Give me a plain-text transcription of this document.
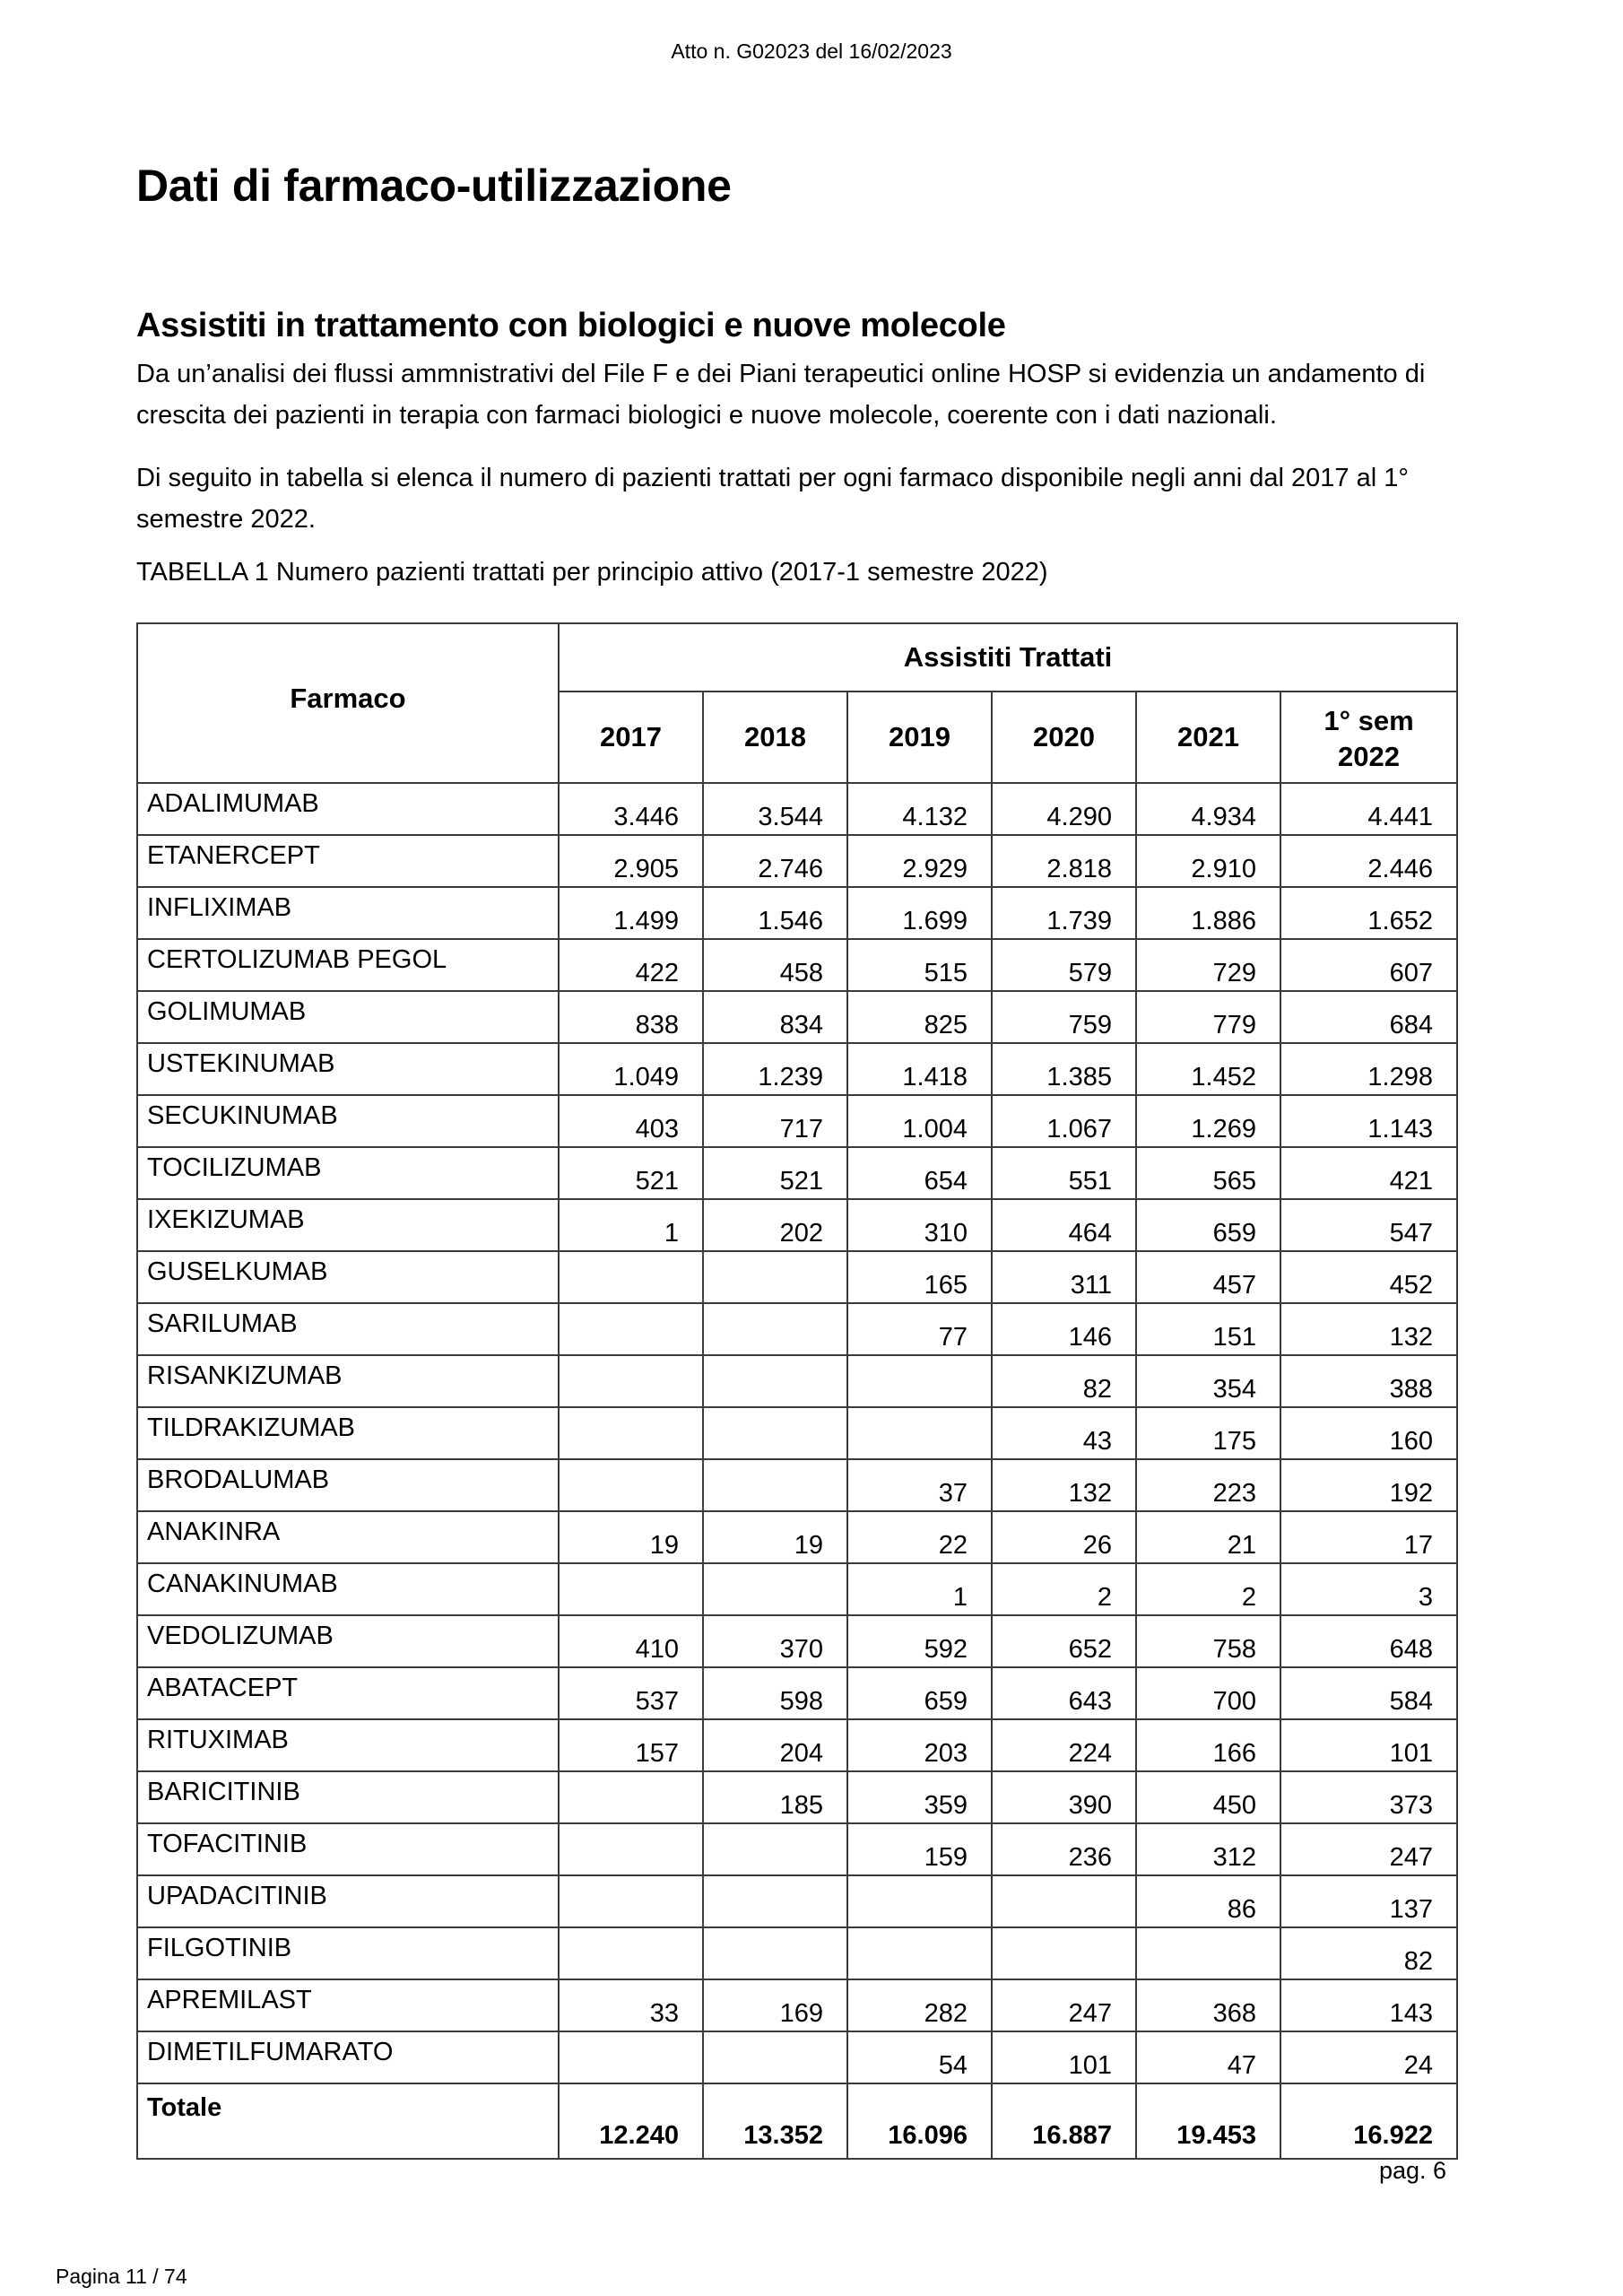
Atto n. G02023 del 16/02/2023
Dati di farmaco-utilizzazione
Assistiti in trattamento con biologici e nuove molecole

Da un’analisi dei flussi ammnistrativi del File F e dei Piani terapeutici online HOSP si evidenzia un andamento di crescita dei pazienti in terapia con farmaci biologici e nuove molecole, coerente con i dati nazionali.

Di seguito in tabella si elenca il numero di pazienti trattati per ogni farmaco disponibile negli anni dal 2017 al 1° semestre 2022.

TABELLA 1 Numero pazienti trattati per principio attivo (2017-1 semestre 2022)
Farmaco	Assistiti Trattati					
	2017	2018	2019	2020	2021	1° sem
2022
ADALIMUMAB	3.446	3.544	4.132	4.290	4.934	4.441
ETANERCEPT	2.905	2.746	2.929	2.818	2.910	2.446
INFLIXIMAB	1.499	1.546	1.699	1.739	1.886	1.652
CERTOLIZUMAB PEGOL	422	458	515	579	729	607
GOLIMUMAB	838	834	825	759	779	684
USTEKINUMAB	1.049	1.239	1.418	1.385	1.452	1.298
SECUKINUMAB	403	717	1.004	1.067	1.269	1.143
TOCILIZUMAB	521	521	654	551	565	421
IXEKIZUMAB	1	202	310	464	659	547
GUSELKUMAB			165	311	457	452
SARILUMAB			77	146	151	132
RISANKIZUMAB				82	354	388
TILDRAKIZUMAB				43	175	160
BRODALUMAB			37	132	223	192
ANAKINRA	19	19	22	26	21	17
CANAKINUMAB			1	2	2	3
VEDOLIZUMAB	410	370	592	652	758	648
ABATACEPT	537	598	659	643	700	584
RITUXIMAB	157	204	203	224	166	101
BARICITINIB		185	359	390	450	373
TOFACITINIB			159	236	312	247
UPADACITINIB					86	137
FILGOTINIB						82
APREMILAST	33	169	282	247	368	143
DIMETILFUMARATO			54	101	47	24
Totale	12.240	13.352	16.096	16.887	19.453	16.922
pag. 6
Pagina 11 / 74
